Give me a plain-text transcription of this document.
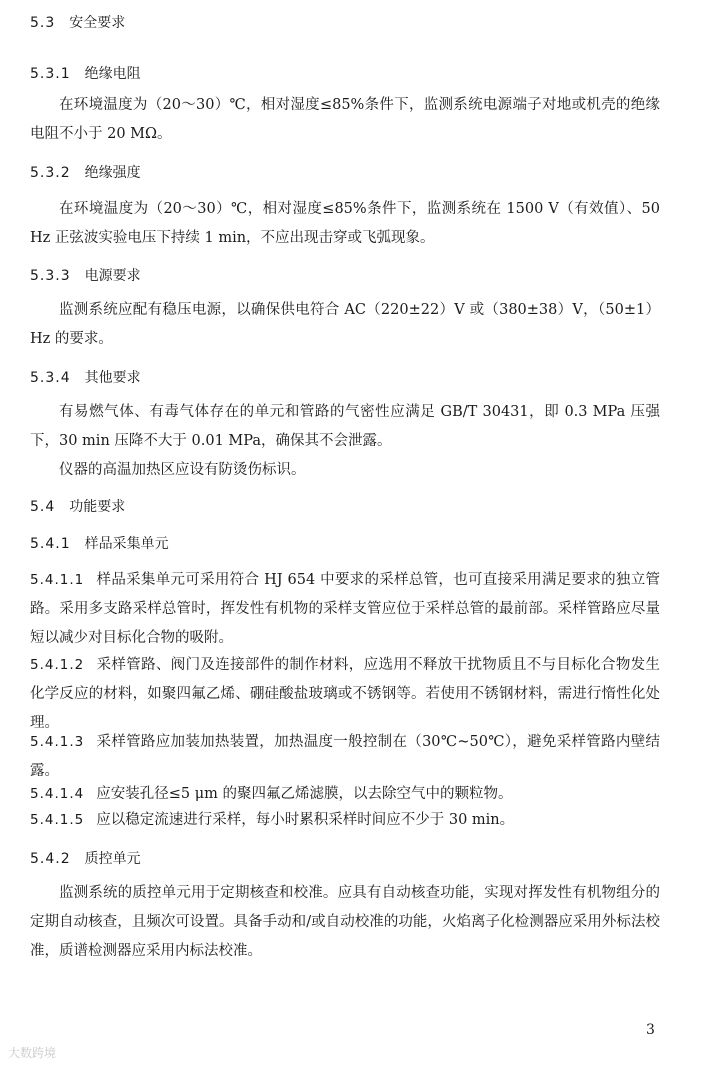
5.3 安全要求
5.3.1 绝缘电阻

在环境温度为（20～30）℃，相对湿度≤85%条件下，监测系统电源端子对地或机壳的绝缘电阻不小于 20 MΩ。

5.3.2 绝缘强度

在环境温度为（20～30）℃，相对湿度≤85%条件下，监测系统在 1500 V（有效值）、50 Hz 正弦波实验电压下持续 1 min，不应出现击穿或飞弧现象。

5.3.3 电源要求

监测系统应配有稳压电源，以确保供电符合 AC（220±22）V 或（380±38）V，（50±1）Hz 的要求。

5.3.4 其他要求

有易燃气体、有毒气体存在的单元和管路的气密性应满足 GB/T 30431，即 0.3 MPa 压强下，30 min 压降不大于 0.01 MPa，确保其不会泄露。

仪器的高温加热区应设有防烫伤标识。

5.4 功能要求
5.4.1 样品采集单元

5.4.1.1 样品采集单元可采用符合 HJ 654 中要求的采样总管，也可直接采用满足要求的独立管路。采用多支路采样总管时，挥发性有机物的采样支管应位于采样总管的最前部。采样管路应尽量短以减少对目标化合物的吸附。

5.4.1.2 采样管路、阀门及连接部件的制作材料，应选用不释放干扰物质且不与目标化合物发生化学反应的材料，如聚四氟乙烯、硼硅酸盐玻璃或不锈钢等。若使用不锈钢材料，需进行惰性化处理。

5.4.1.3 采样管路应加装加热装置，加热温度一般控制在（30℃~50℃），避免采样管路内壁结露。

5.4.1.4 应安装孔径≤5 μm 的聚四氟乙烯滤膜，以去除空气中的颗粒物。

5.4.1.5 应以稳定流速进行采样，每小时累积采样时间应不少于 30 min。

5.4.2 质控单元

监测系统的质控单元用于定期核查和校准。应具有自动核查功能，实现对挥发性有机物组分的定期自动核查，且频次可设置。具备手动和/或自动校准的功能，火焰离子化检测器应采用外标法校准，质谱检测器应采用内标法校准。

3
大数跨境
